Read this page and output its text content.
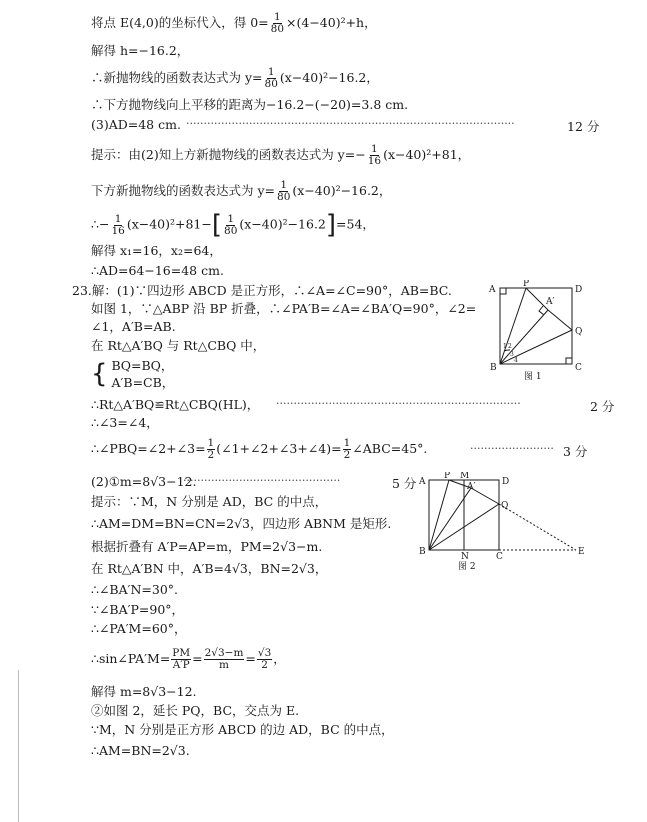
将点 E(4,0)的坐标代入，得 $0= \frac{1}{80} \times(4-40)^2+h$，
解得 h=−16.2，
∴新抛物线的函数表达式为 $y= \frac{1}{80} (x-40)^2-16.2$，
∴下方抛物线向上平移的距离为−16.2−(−20)=3.8 cm.
(3)AD=48 cm. ······························································································	12 分
提示：由(2)知上方新抛物线的函数表达式为 $y=- \frac{1}{16} (x-40)^2+81$，
下方新抛物线的函数表达式为 $y= \frac{1}{80} (x-40)^2-16.2$，
∴− $\frac{1}{16} (x-40)^2+81-[ \frac{1}{80} (x-40)^2-16.2]=54$，
解得 x₁=16，x₂=64，
∴AD=64−16=48 cm.
23.解：(1)∵四边形 ABCD 是正方形，∴∠A=∠C=90°，AB=BC.
如图 1，∵△ABP 沿 BP 折叠，∴∠PA′B=∠A=∠BA′Q=90°，∠2=
∠1，A′B=AB.
在 Rt△A′BQ 与 Rt△CBQ 中，
{ BQ=BQ，
A′B=CB，
∴Rt△A′BQ≌Rt△CBQ(HL)， ······································································	2 分
∴∠3=∠4，
∴∠PBQ=∠2+∠3= $\frac{1}{2}$ (∠1+∠2+∠3+∠4)= $\frac{1}{2}$ ∠ABC=45°.	························ 3 分
(2)①m=8√3−12.
·············································	5 分
提示：∵M，N 分别是 AD，BC 的中点，
∴AM=DM=BN=CN=2√3，四边形 ABNM 是矩形.
根据折叠有 A′P=AP=m，PM=2√3−m.
在 Rt△A′BN 中，A′B=4√3，BN=2√3，
∴∠BA′N=30°.
∵∠BA′P=90°，
∴∠PA′M=60°，
∴sin∠PA′M= $\frac{PM}{A'P} = \frac{2√3-m}{m} = \frac{√3}{2}$ ，
解得 m=8√3−12.
②如图 2，延长 PQ，BC，交点为 E.
∵M，N 分别是正方形 ABCD 的边 AD，BC 的中点，
∴AM=BN=2√3.
A
P
D
A′
Q
B	C
1 2
3
4
图 1
A
P M
D
A′
Q
B	N	C	E
图 2
